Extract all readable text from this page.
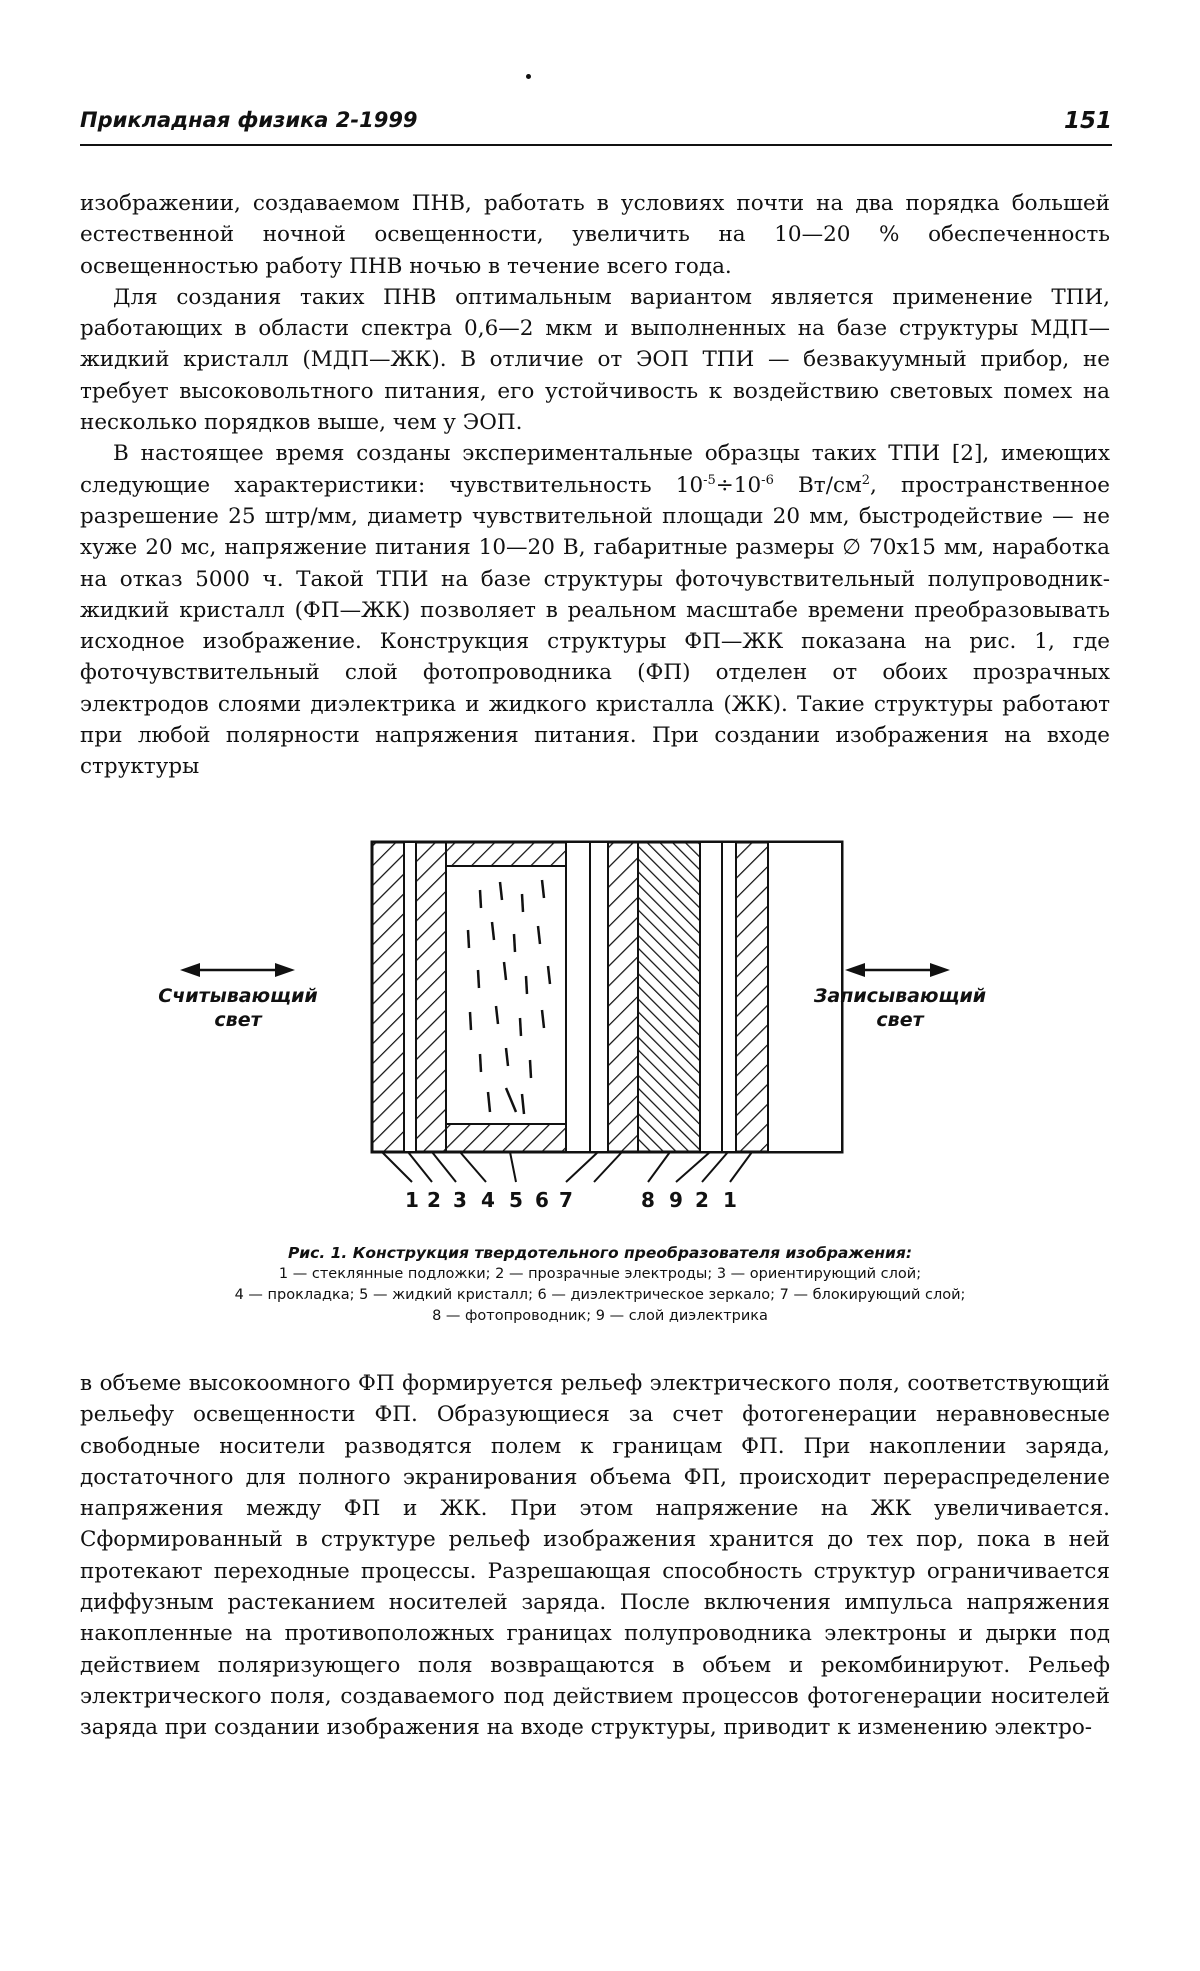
Прикладная физика 2-1999	151

изображении, создаваемом ПНВ, работать в условиях почти на два порядка большей естественной ночной освещенности, увеличить на 10—20 % обеспеченность освещенностью работу ПНВ ночью в течение всего года.

Для создания таких ПНВ оптимальным вариантом является применение ТПИ, работающих в области спектра 0,6—2 мкм и выполненных на базе структуры МДП—жидкий кристалл (МДП—ЖК). В отличие от ЭОП ТПИ — безвакуумный прибор, не требует высоковольтного питания, его устойчивость к воздействию световых помех на несколько порядков выше, чем у ЭОП.

В настоящее время созданы экспериментальные образцы таких ТПИ [2], имеющих следующие характеристики: чувствительность $10^{-5}\div 10^{-6}$ $Вт/см^2$, пространственное разрешение 25 штр/мм, диаметр чувствительной площади 20 мм, быстродействие — не хуже 20 мс, напряжение питания 10—20 В, габаритные размеры ∅ 70х15 мм, наработка на отказ 5000 ч. Такой ТПИ на базе структуры фоточувствительный полупроводник-жидкий кристалл (ФП—ЖК) позволяет в реальном масштабе времени преобразовывать исходное изображение. Конструкция структуры ФП—ЖК показана на рис. 1, где фоточувствительный слой фотопроводника (ФП) отделен от обоих прозрачных электродов слоями диэлектрика и жидкого кристалла (ЖК). Такие структуры работают при любой полярности напряжения питания. При создании изображения на входе структуры

Считывающий
свет
Записывающий
свет
1 2 3 4 5 6 7	8 9 2 1
Рис. 1. Конструкция твердотельного преобразователя изображения:
1 — стеклянные подложки; 2 — прозрачные электроды; 3 — ориентирующий слой;
4 — прокладка; 5 — жидкий кристалл; 6 — диэлектрическое зеркало; 7 — блокирующий слой;
8 — фотопроводник; 9 — слой диэлектрика

в объеме высокоомного ФП формируется рельеф электрического поля, соответствующий рельефу освещенности ФП. Образующиеся за счет фотогенерации неравновесные свободные носители разводятся полем к границам ФП. При накоплении заряда, достаточного для полного экранирования объема ФП, происходит перераспределение напряжения между ФП и ЖК. При этом напряжение на ЖК увеличивается. Сформированный в структуре рельеф изображения хранится до тех пор, пока в ней протекают переходные процессы. Разрешающая способность структур ограничивается диффузным растеканием носителей заряда. После включения импульса напряжения накопленные на противоположных границах полупроводника электроны и дырки под действием поляризующего поля возвращаются в объем и рекомбинируют. Рельеф электрического поля, создаваемого под действием процессов фотогенерации носителей заряда при создании изображения на входе структуры, приводит к изменению электро-
